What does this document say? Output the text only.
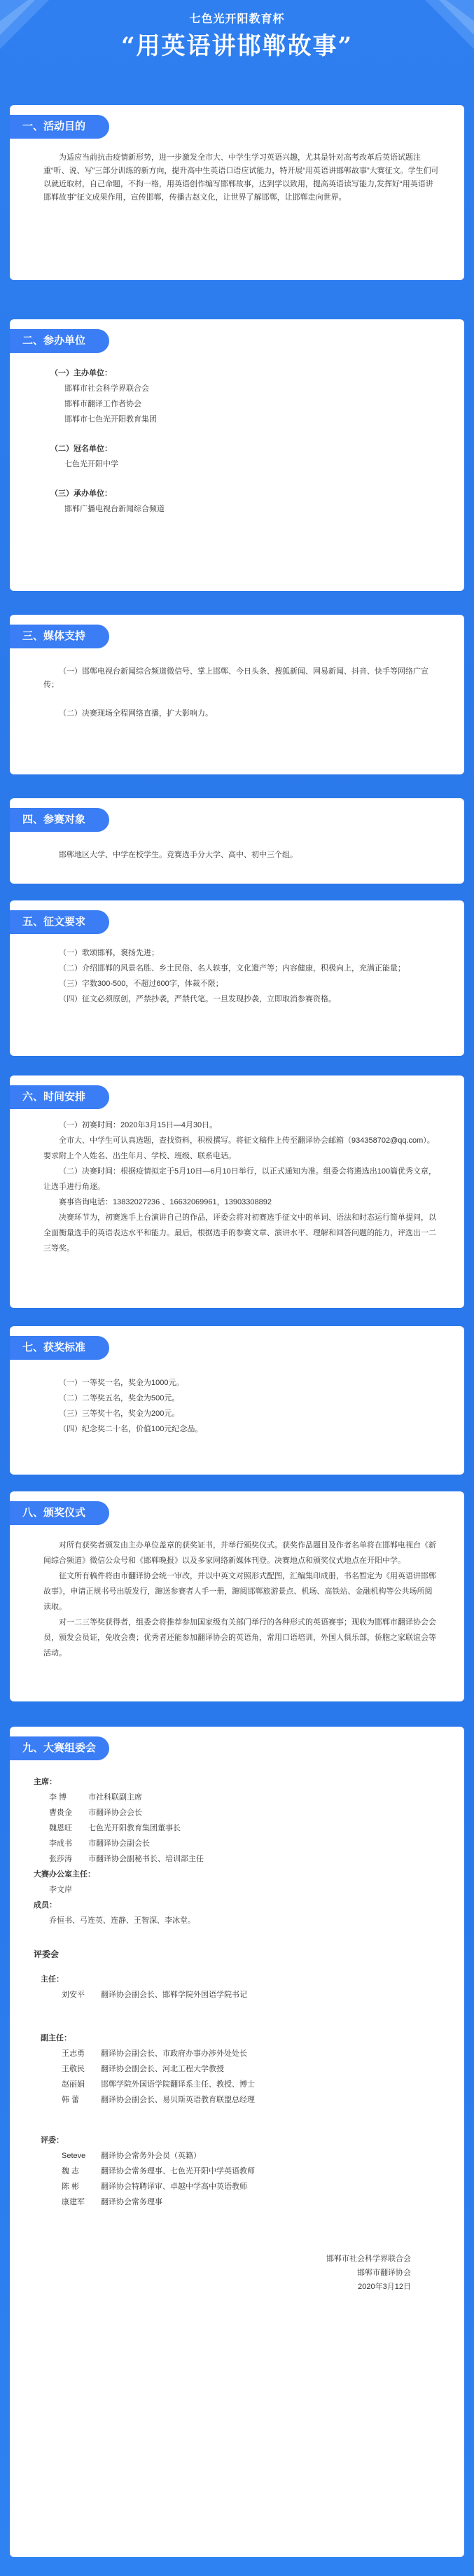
七色光开阳教育杯
“用英语讲邯郸故事”
一、活动目的

为适应当前抗击疫情新形势，进一步激发全市大、中学生学习英语兴趣，尤其是针对高考改革后英语试题注重“听、说、写”三部分训练的新方向，提升高中生英语口语应试能力，特开展“用英语讲邯郸故事”大赛征文。学生们可以就近取材，自己命题，不拘一格，用英语创作编写邯郸故事，达到学以致用，提高英语读写能力,发挥好“用英语讲邯郸故事”征文成果作用，宣传邯郸，传播古赵文化，让世界了解邯郸，让邯郸走向世界。

二、参办单位
（一）主办单位：
邯郸市社会科学界联合会
邯郸市翻译工作者协会
邯郸市七色光开阳教育集团
（二）冠名单位：
七色光开阳中学
（三）承办单位：
邯郸广播电视台新闻综合频道
三、媒体支持

（一）邯郸电视台新闻综合频道微信号、掌上邯郸、今日头条、搜狐新闻、网易新闻、抖音、快手等网络广宣传；

（二）决赛现场全程网络直播，扩大影响力。

四、参赛对象

邯郸地区大学、中学在校学生。竞赛选手分大学、高中、初中三个组。

五、征文要求

（一）歌颂邯郸，褒扬先进；

（二）介绍邯郸的风景名胜、乡土民俗、名人轶事，文化遗产等；内容健康，积极向上，充满正能量；

（三）字数300-500，不超过600字，体裁不限；

（四）征文必须原创，严禁抄袭，严禁代笔。一旦发现抄袭，立即取消参赛资格。

六、时间安排

（一）初赛时间：2020年3月15日—4月30日。

全市大、中学生可认真选题，查找资料，积极撰写。将征文稿件上传至翻译协会邮箱（934358702@qq.com）。要求附上个人姓名、出生年月、学校、班级、联系电话。

（二）决赛时间：根据疫情拟定于5月10日—6月10日举行，以正式通知为准。组委会将遴选出100篇优秀文章，让选手进行角逐。

赛事咨询电话：13832027236 、16632069961，13903308892

决赛环节为，初赛选手上台演讲自己的作品，评委会将对初赛选手征文中的单词、语法和时态运行简单提问，以全面衡量选手的英语表达水平和能力。最后，根据选手的参赛文章、演讲水平、理解和回答问题的能力，评选出一二三等奖。

七、获奖标准

（一）一等奖一名，奖金为1000元。

（二）二等奖五名，奖金为500元。

（三）三等奖十名，奖金为200元。

（四）纪念奖二十名，价值100元纪念品。

八、颁奖仪式

对所有获奖者颁发由主办单位盖章的获奖证书，并举行颁奖仪式。获奖作品题目及作者名单将在邯郸电视台《新闻综合频道》微信公众号和《邯郸晚报》以及多家网络新媒体刊登。决赛地点和颁奖仪式地点在开阳中学。

征文所有稿件将由市翻译协会统一审改，并以中英文对照形式配图，汇编集印成册，书名暂定为《用英语讲邯郸故事》，申请正规书号出版发行，蹿送参赛者人手一册，蹿阅邯郸旅游景点、机场、高铁站、金融机构等公共场所阅读取。

对一二三等奖获得者，组委会将推荐参加国家级有关部门举行的各种形式的英语赛事；现收为邯郸市翻译协会会员，颁发会员证，免收会费；优秀者还能参加翻译协会的英语角，常用口语培训，外国人俱乐部，侨胞之家联谊会等活动。

九、大赛组委会
主席：
李 博	市社科联副主席
曹贵金	市翻译协会会长
魏恩旺	七色光开阳教育集团董事长
李成书	市翻译协会副会长
张莎涛	市翻译协会副秘书长、培训部主任
大赛办公室主任：
李文岸
成员：
乔恒书、弓连英、连静、王智深、李冰堂。
评委会
主任：
刘安平	翻译协会副会长、邯郸学院外国语学院书记
副主任：
王志勇	翻译协会副会长、市政府办事办涉外处处长
王敬民	翻译协会副会长、河北工程大学教授
赵丽娟	邯郸学院外国语学院翻译系主任、教授、博士
韩 蕾	翻译协会副会长、易贝斯英语教育联盟总经理
评委：
Seteve	翻译协会常务外会员（英籍）
魏 志	翻译协会常务理事、七色光开阳中学英语教师
陈 彬	翻译协会特聘译审、卓越中学高中英语教师
康建军	翻译协会常务理事
邯郸市社会科学界联合会
邯郸市翻译协会
2020年3月12日
